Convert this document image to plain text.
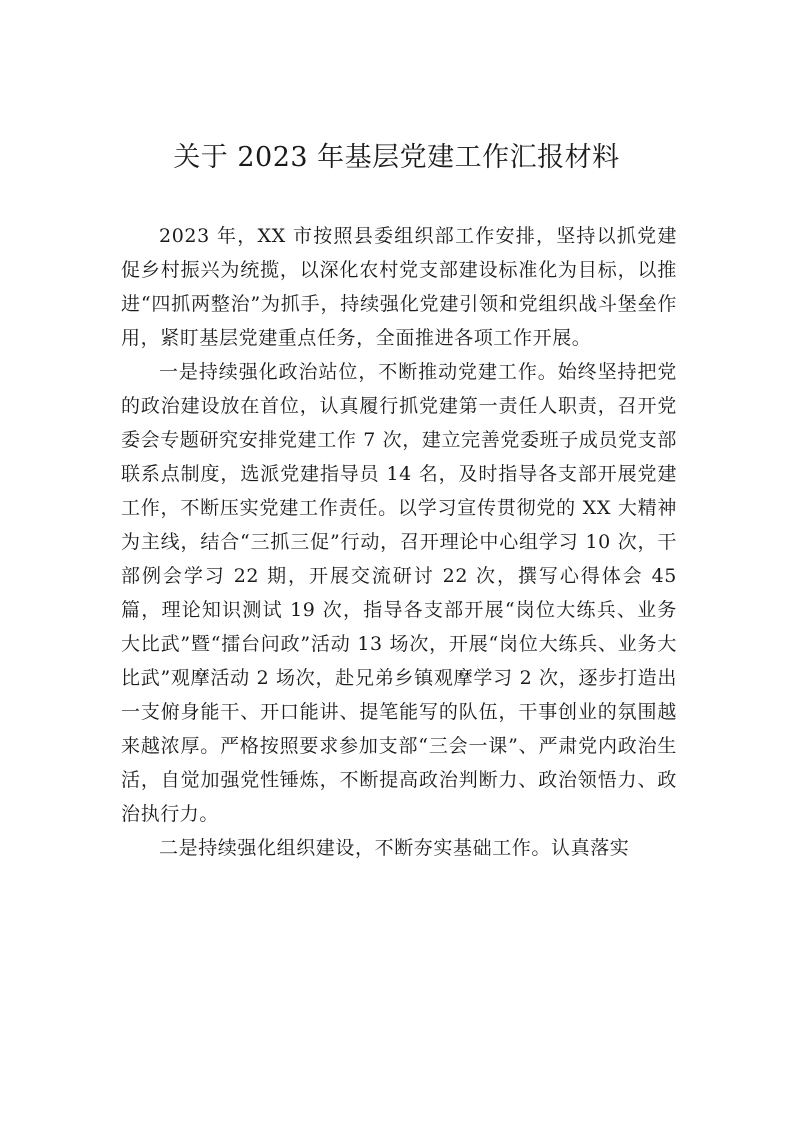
关于 2023 年基层党建工作汇报材料

2023 年，XX 市按照县委组织部工作安排，坚持以抓党建促乡村振兴为统揽，以深化农村党支部建设标准化为目标，以推进“四抓两整治”为抓手，持续强化党建引领和党组织战斗堡垒作用，紧盯基层党建重点任务，全面推进各项工作开展。

一是持续强化政治站位，不断推动党建工作。始终坚持把党的政治建设放在首位，认真履行抓党建第一责任人职责，召开党委会专题研究安排党建工作 7 次，建立完善党委班子成员党支部联系点制度，选派党建指导员 14 名，及时指导各支部开展党建工作，不断压实党建工作责任。以学习宣传贯彻党的 XX 大精神为主线，结合“三抓三促”行动，召开理论中心组学习 10 次，干部例会学习 22 期，开展交流研讨 22 次，撰写心得体会 45 篇，理论知识测试 19 次，指导各支部开展“岗位大练兵、业务大比武”暨“擂台问政”活动 13 场次，开展“岗位大练兵、业务大比武”观摩活动 2 场次，赴兄弟乡镇观摩学习 2 次，逐步打造出一支俯身能干、开口能讲、提笔能写的队伍，干事创业的氛围越来越浓厚。严格按照要求参加支部“三会一课”、严肃党内政治生活，自觉加强党性锤炼，不断提高政治判断力、政治领悟力、政治执行力。

二是持续强化组织建设，不断夯实基础工作。认真落实
